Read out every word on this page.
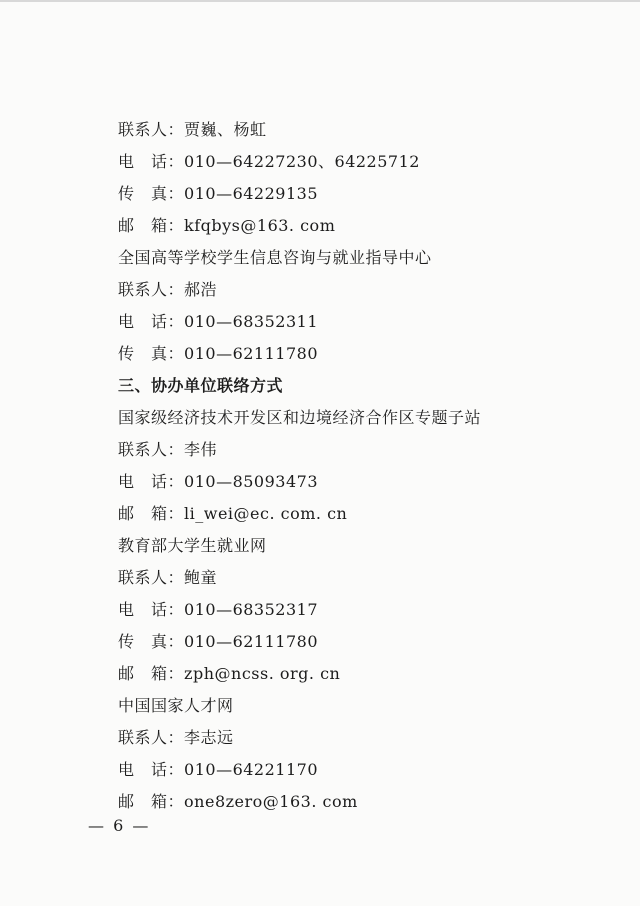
联系人：贾巍、杨虹
电　话：010—64227230、64225712
传　真：010—64229135
邮　箱：kfqbys@163. com
全国高等学校学生信息咨询与就业指导中心
联系人：郝浩
电　话：010—68352311
传　真：010—62111780
三、协办单位联络方式
国家级经济技术开发区和边境经济合作区专题子站
联系人：李伟
电　话：010—85093473
邮　箱：li_wei@ec. com. cn
教育部大学生就业网
联系人：鲍童
电　话：010—68352317
传　真：010—62111780
邮　箱：zph@ncss. org. cn
中国国家人才网
联系人：李志远
电　话：010—64221170
邮　箱：one8zero@163. com
— 6 —
